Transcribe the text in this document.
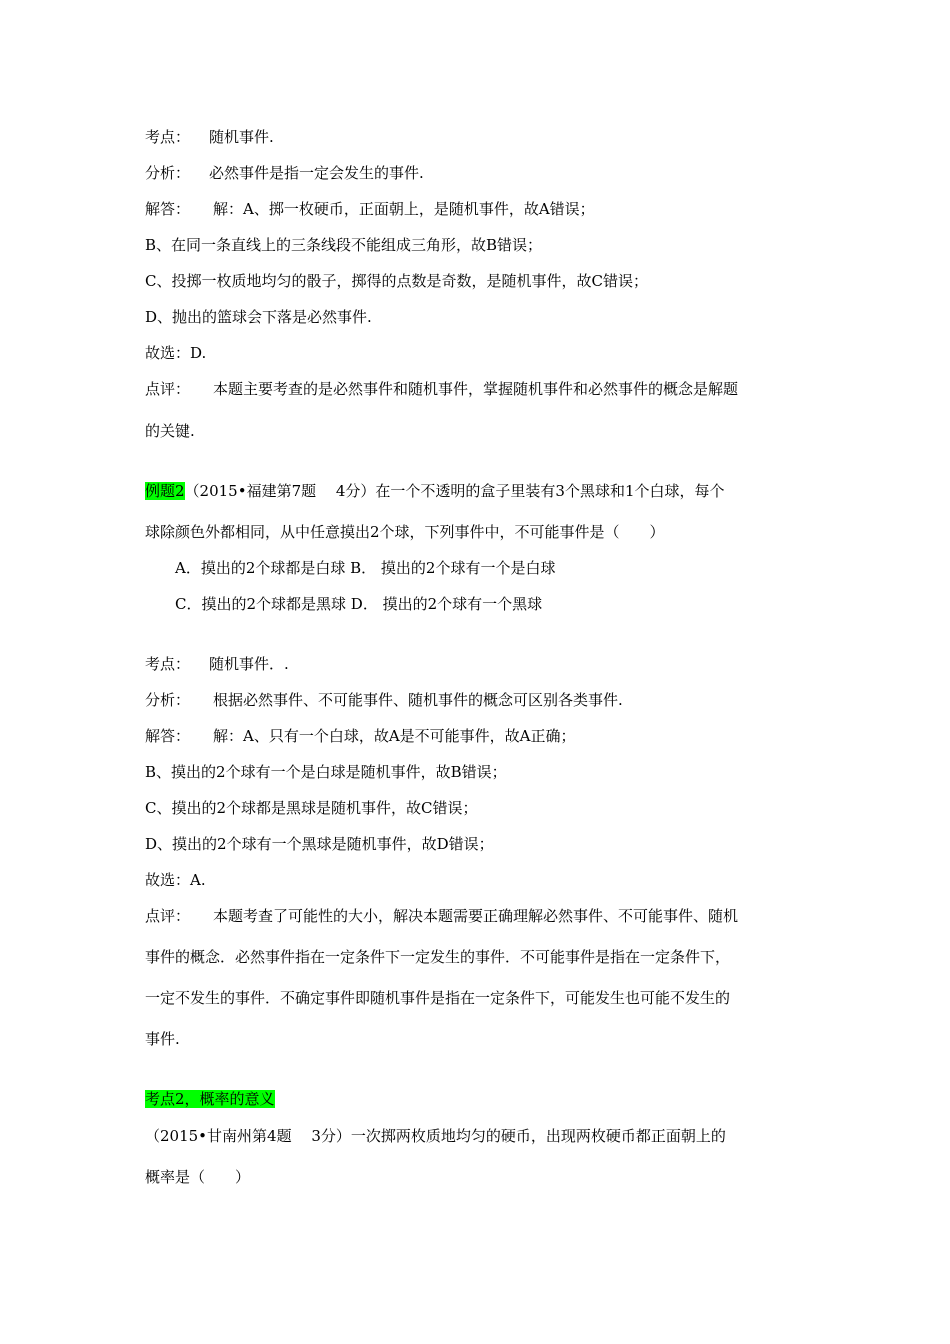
考点： 随机事件.
分析： 必然事件是指一定会发生的事件.
解答： 解：A、掷一枚硬币，正面朝上，是随机事件，故A错误；
B、在同一条直线上的三条线段不能组成三角形，故B错误；
C、投掷一枚质地均匀的骰子，掷得的点数是奇数，是随机事件，故C错误；
D、抛出的篮球会下落是必然事件.
故选：D.
点评： 本题主要考查的是必然事件和随机事件，掌握随机事件和必然事件的概念是解题
的关键.
例题2（2015•福建第7题　 4分）在一个不透明的盒子里装有3个黑球和1个白球，每个
球除颜色外都相同，从中任意摸出2个球，下列事件中，不可能事件是（　　）
A．摸出的2个球都是白球 B． 摸出的2个球有一个是白球
C．摸出的2个球都是黑球 D． 摸出的2个球有一个黑球
考点： 随机事件．.
分析： 根据必然事件、不可能事件、随机事件的概念可区别各类事件.
解答： 解：A、只有一个白球，故A是不可能事件，故A正确；
B、摸出的2个球有一个是白球是随机事件，故B错误；
C、摸出的2个球都是黑球是随机事件，故C错误；
D、摸出的2个球有一个黑球是随机事件，故D错误；
故选：A.
点评： 本题考查了可能性的大小，解决本题需要正确理解必然事件、不可能事件、随机
事件的概念．必然事件指在一定条件下一定发生的事件．不可能事件是指在一定条件下，
一定不发生的事件．不确定事件即随机事件是指在一定条件下，可能发生也可能不发生的
事件.
考点2，概率的意义
（2015•甘南州第4题　 3分）一次掷两枚质地均匀的硬币，出现两枚硬币都正面朝上的
概率是（　　）
